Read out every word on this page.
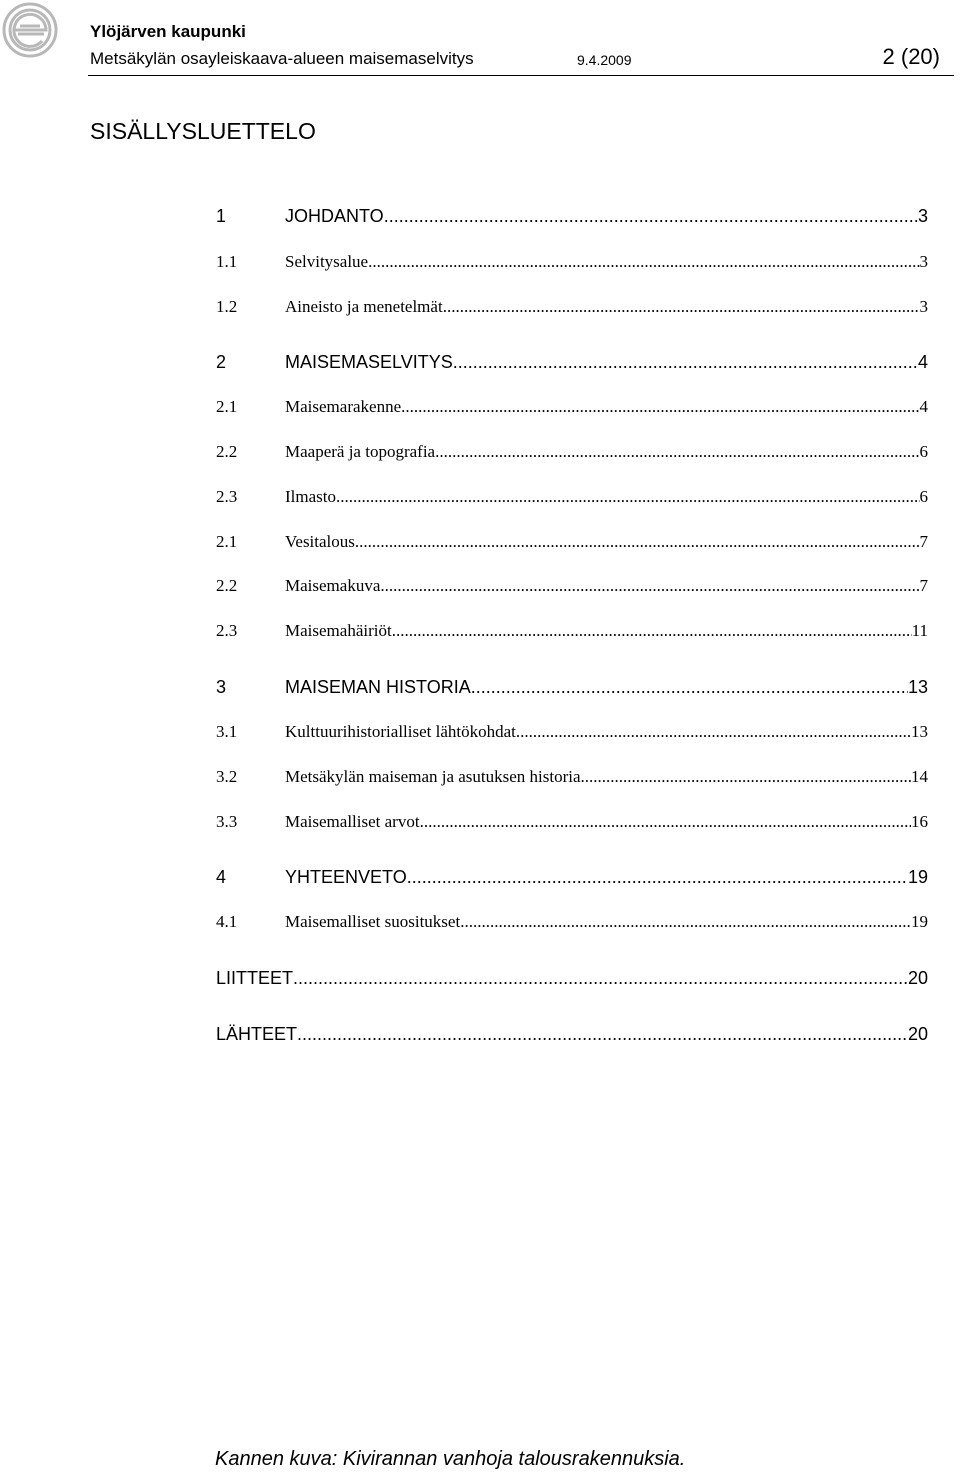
Ylöjärven kaupunki
Metsäkylän osayleiskaava-alueen maisemaselvitys	9.4.2009	2 (20)
SISÄLLYSLUETTELO
1	JOHDANTO .....	3
1.1	Selvitysalue .....	3
1.2	Aineisto ja menetelmät .....	3
2	MAISEMASELVITYS .....	4
2.1	Maisemarakenne .....	4
2.2	Maaperä ja topografia .....	6
2.3	Ilmasto .....	6
2.1	Vesitalous .....	7
2.2	Maisemakuva .....	7
2.3	Maisemahäiriöt .....	11
3	MAISEMAN HISTORIA .....	13
3.1	Kulttuurihistorialliset lähtökohdat .....	13
3.2	Metsäkylän maiseman ja asutuksen historia .....	14
3.3	Maisemalliset arvot .....	16
4	YHTEENVETO .....	19
4.1	Maisemalliset suositukset .....	19
LIITTEET .....	20
LÄHTEET .....	20
Kannen kuva: Kivirannan vanhoja talousrakennuksia.
